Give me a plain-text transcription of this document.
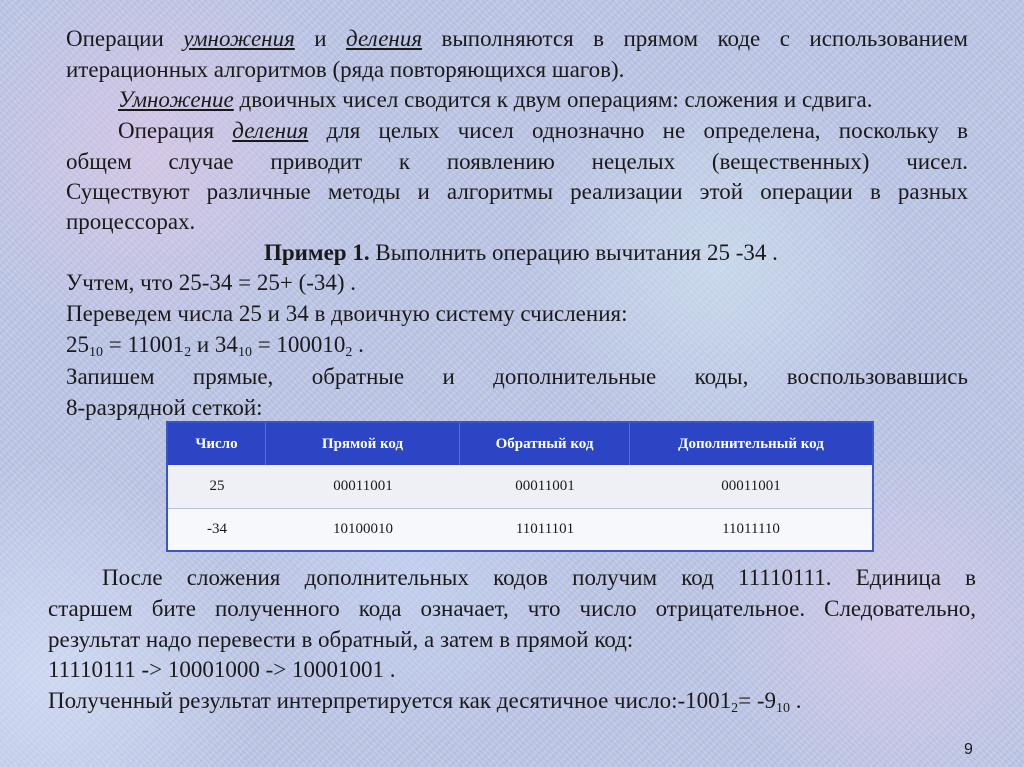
Операции умножения и деления выполняются в прямом коде с использованием
итерационных алгоритмов (ряда повторяющихся шагов).
Умножение двоичных чисел сводится к двум операциям: сложения и сдвига.
Операция деления для целых чисел однозначно не определена, поскольку в
общем случае приводит к появлению нецелых (вещественных) чисел.
Существуют различные методы и алгоритмы реализации этой операции в разных
процессорах.
Пример 1. Выполнить операцию вычитания 25 -34 .
Учтем, что 25-34 = 25+ (-34) .
Переведем числа 25 и 34 в двоичную систему счисления:
$25_{10} = 11001_2$ и $34_{10} = 100010_2$ .
Запишем прямые, обратные и дополнительные коды, воспользовавшись
8-разрядной сеткой:
Число	Прямой код	Обратный код	Дополнительный код
25	00011001	00011001	00011001
-34	10100010	11011101	11011110
После сложения дополнительных кодов получим код 11110111. Единица в
старшем бите полученного кода означает, что число отрицательное. Следовательно,
результат надо перевести в обратный, а затем в прямой код:
11110111 -> 10001000 -> 10001001 .
Полученный результат интерпретируется как десятичное $число:-1001_2= -9_{10}$ .
9
